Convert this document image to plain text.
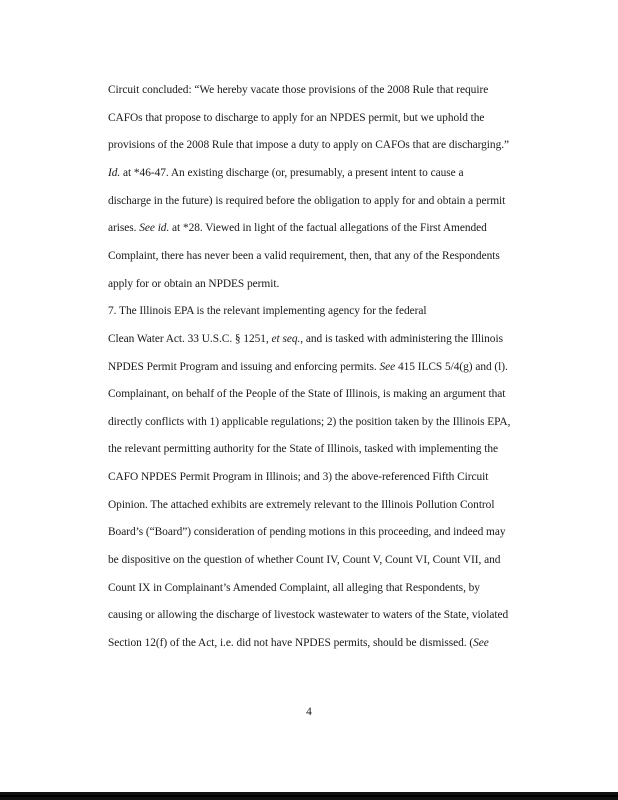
Circuit concluded: “We hereby vacate those provisions of the 2008 Rule that require
CAFOs that propose to discharge to apply for an NPDES permit, but we uphold the
provisions of the 2008 Rule that impose a duty to apply on CAFOs that are discharging.”
Id. at *46-47. An existing discharge (or, presumably, a present intent to cause a
discharge in the future) is required before the obligation to apply for and obtain a permit
arises. See id. at *28. Viewed in light of the factual allegations of the First Amended
Complaint, there has never been a valid requirement, then, that any of the Respondents
apply for or obtain an NPDES permit.
7. The Illinois EPA is the relevant implementing agency for the federal
Clean Water Act. 33 U.S.C. § 1251, et seq., and is tasked with administering the Illinois
NPDES Permit Program and issuing and enforcing permits. See 415 ILCS 5/4(g) and (l).
Complainant, on behalf of the People of the State of Illinois, is making an argument that
directly conflicts with 1) applicable regulations; 2) the position taken by the Illinois EPA,
the relevant permitting authority for the State of Illinois, tasked with implementing the
CAFO NPDES Permit Program in Illinois; and 3) the above-referenced Fifth Circuit
Opinion. The attached exhibits are extremely relevant to the Illinois Pollution Control
Board’s (“Board”) consideration of pending motions in this proceeding, and indeed may
be dispositive on the question of whether Count IV, Count V, Count VI, Count VII, and
Count IX in Complainant’s Amended Complaint, all alleging that Respondents, by
causing or allowing the discharge of livestock wastewater to waters of the State, violated
Section 12(f) of the Act, i.e. did not have NPDES permits, should be dismissed. (See
4
